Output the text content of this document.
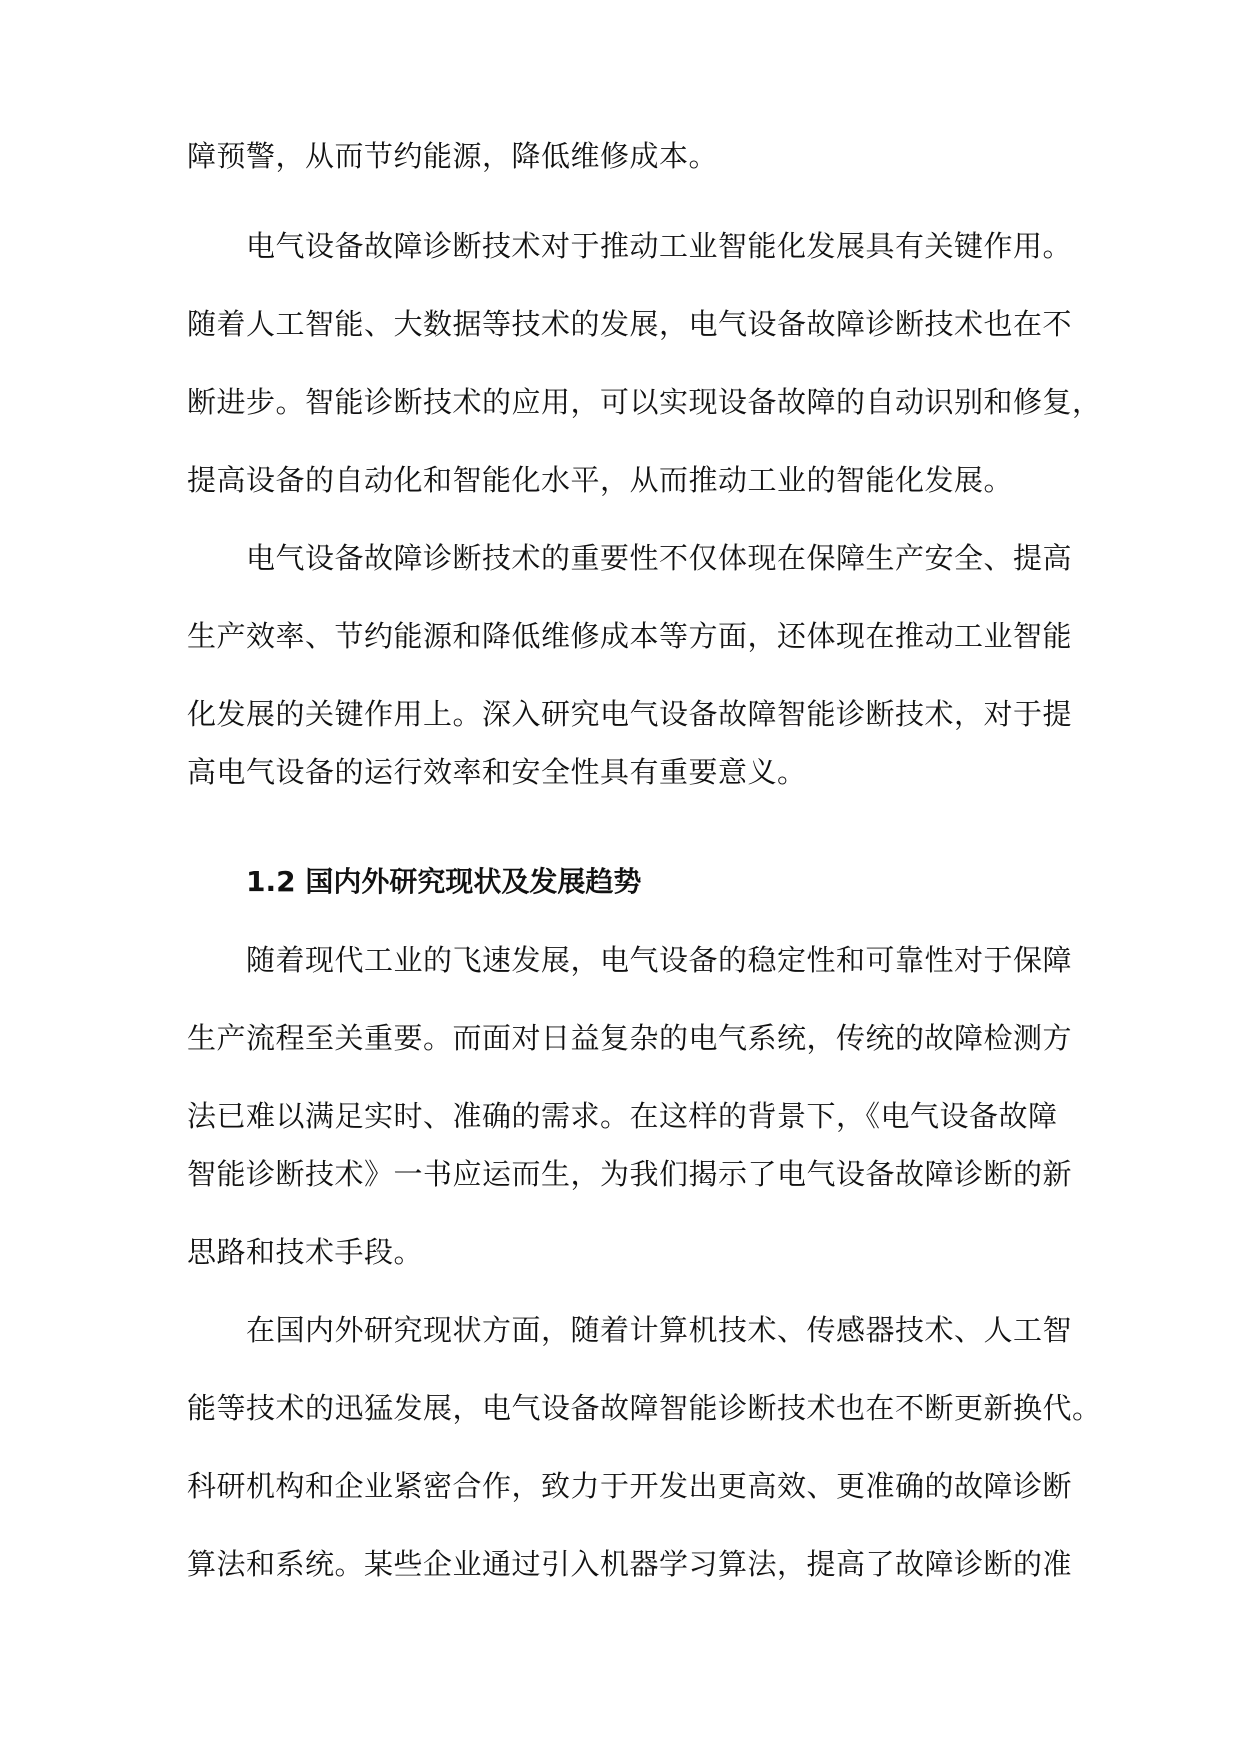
障预警，从而节约能源，降低维修成本。
电气设备故障诊断技术对于推动工业智能化发展具有关键作用。
随着人工智能、大数据等技术的发展，电气设备故障诊断技术也在不
断进步。智能诊断技术的应用，可以实现设备故障的自动识别和修复，
提高设备的自动化和智能化水平，从而推动工业的智能化发展。
电气设备故障诊断技术的重要性不仅体现在保障生产安全、提高
生产效率、节约能源和降低维修成本等方面，还体现在推动工业智能
化发展的关键作用上。深入研究电气设备故障智能诊断技术，对于提
高电气设备的运行效率和安全性具有重要意义。
1.2 国内外研究现状及发展趋势
随着现代工业的飞速发展，电气设备的稳定性和可靠性对于保障
生产流程至关重要。而面对日益复杂的电气系统，传统的故障检测方
法已难以满足实时、准确的需求。在这样的背景下，《电气设备故障
智能诊断技术》一书应运而生，为我们揭示了电气设备故障诊断的新
思路和技术手段。
在国内外研究现状方面，随着计算机技术、传感器技术、人工智
能等技术的迅猛发展，电气设备故障智能诊断技术也在不断更新换代。
科研机构和企业紧密合作，致力于开发出更高效、更准确的故障诊断
算法和系统。某些企业通过引入机器学习算法，提高了故障诊断的准
